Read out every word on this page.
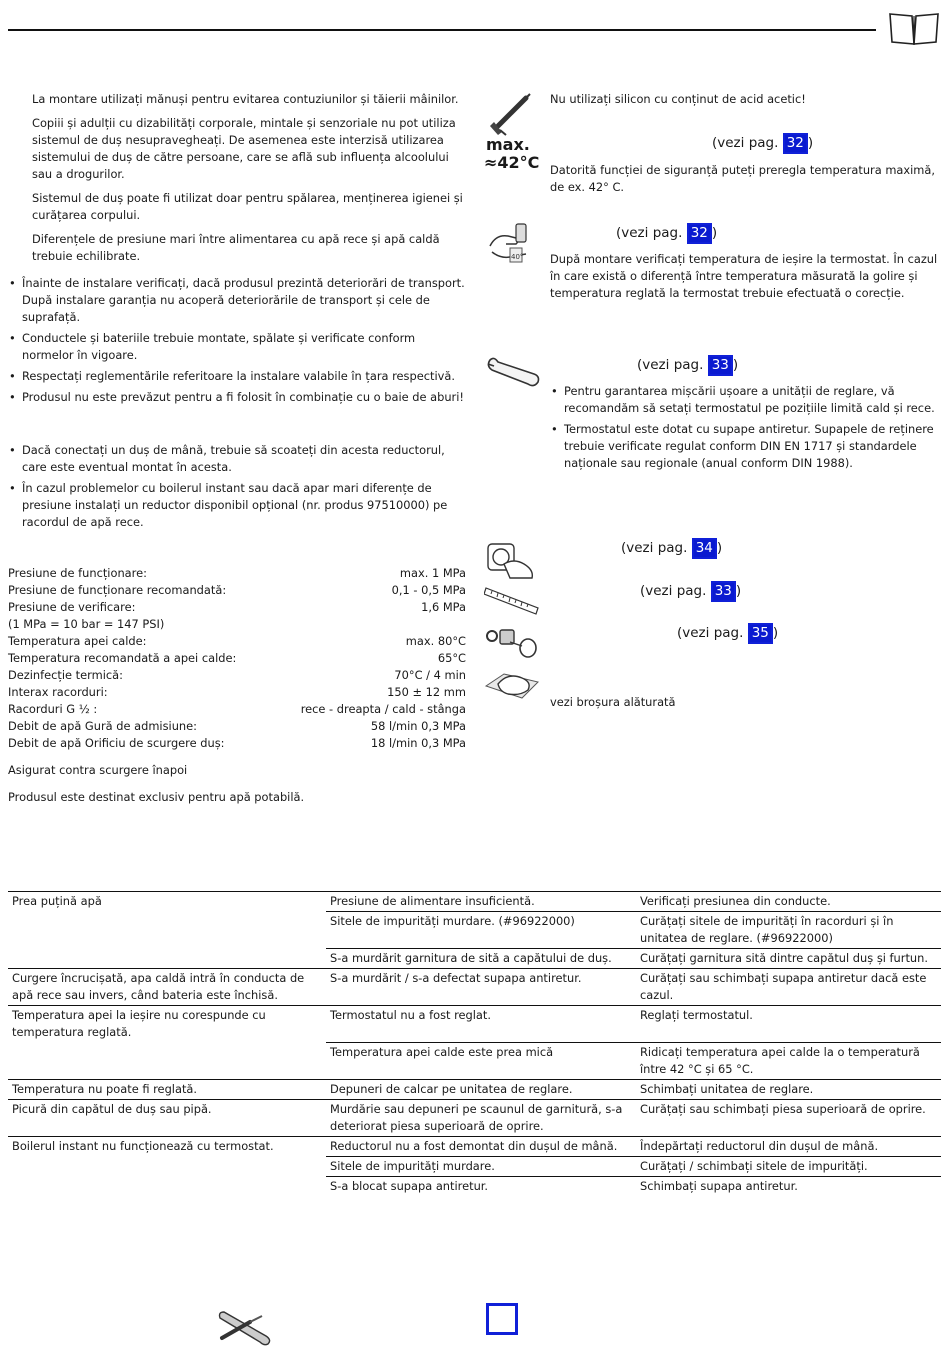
La montare utilizați mănuși pentru evitarea contuziunilor și tăierii mâinilor.

Copiii și adulții cu dizabilități corporale, mintale și senzoriale nu pot utiliza sistemul de duș nesupravegheați. De asemenea este interzisă utilizarea sistemului de duș de către persoane, care se află sub influența alcoolului sau a drogurilor.

Sistemul de duș poate fi utilizat doar pentru spălarea, menținerea igienei și curățarea corpului.

Diferențele de presiune mari între alimentarea cu apă rece și apă caldă trebuie echilibrate.

• Înainte de instalare verificați, dacă produsul prezintă deteriorări de transport. După instalare garanția nu acoperă deteriorările de transport și cele de suprafață.
• Conductele și bateriile trebuie montate, spălate și verificate conform normelor în vigoare.
• Respectați reglementările referitoare la instalare valabile în țara respectivă.
• Produsul nu este prevăzut pentru a fi folosit în combinație cu o baie de aburi!
• Dacă conectați un duș de mână, trebuie să scoateți din acesta reductorul, care este eventual montat în acesta.
• În cazul problemelor cu boilerul instant sau dacă apar mari diferențe de presiune instalați un reductor disponibil opțional (nr. produs 97510000) pe racordul de apă rece.
Presiune de funcționare:	max. 1 MPa
Presiune de funcționare recomandată:	0,1 - 0,5 MPa
Presiune de verificare:	1,6 MPa
(1 MPa = 10 bar = 147 PSI)
Temperatura apei calde:	max. 80°C
Temperatura recomandată a apei calde:	65°C
Dezinfecție termică:	70°C / 4 min
Interax racorduri:	150 ± 12 mm
Racorduri G ½ :	rece - dreapta / cald - stânga
Debit de apă Gură de admisiune:	58 l/min 0,3 MPa
Debit de apă Orificiu de scurgere duș:	18 l/min 0,3 MPa
Asigurat contra scurgere înapoi
Produsul este destinat exclusiv pentru apă potabilă.
Nu utilizați silicon cu conținut de acid acetic!
max.
≈42°C
(vezi pag. 32 )
Datorită funcției de siguranță puteți preregla temperatura maximă, de ex. 42° C.
40°
(vezi pag. 32 )
După montare verificați temperatura de ieșire la termostat. În cazul în care există o diferență între temperatura măsurată la golire și temperatura reglată la termostat trebuie efectuată o corecție.
(vezi pag. 33 )
• Pentru garantarea mișcării ușoare a unității de reglare, vă recomandăm să setați termostatul pe pozițiile limită cald și rece.
• Termostatul este dotat cu supape antiretur. Supapele de reținere trebuie verificate regulat conform DIN EN 1717 și standardele naționale sau regionale (anual conform DIN 1988).
(vezi pag. 34 )
(vezi pag. 33 )
(vezi pag. 35 )
vezi broșura alăturată
Prea puțină apă	Presiune de alimentare insuficientă.	Verificați presiunea din conducte.
	Sitele de impurități murdare. (#96922000)	Curățați sitele de impurități în racorduri și în unitatea de reglare. (#96922000)
	S-a murdărit garnitura de sită a capătului de duș.	Curățați garnitura sită dintre capătul duș și furtun.
Curgere încrucișată, apa caldă intră în conducta de apă rece sau invers, când bateria este închisă.	S-a murdărit / s-a defectat supapa antiretur.	Curățați sau schimbați supapa antiretur dacă este cazul.
Temperatura apei la ieșire nu corespunde cu temperatura reglată.	Termostatul nu a fost reglat.	Reglați termostatul.
	Temperatura apei calde este prea mică	Ridicați temperatura apei calde la o temperatură între 42 °C și 65 °C.
Temperatura nu poate fi reglată.	Depuneri de calcar pe unitatea de reglare.	Schimbați unitatea de reglare.
Picură din capătul de duș sau pipă.	Murdărie sau depuneri pe scaunul de garnitură, s-a deteriorat piesa superioară de oprire.	Curățați sau schimbați piesa superioară de oprire.
Boilerul instant nu funcționează cu termostat.	Reductorul nu a fost demontat din dușul de mână.	Îndepărtați reductorul din dușul de mână.
	Sitele de impurități murdare.	Curățați / schimbați sitele de impurități.
	S-a blocat supapa antiretur.	Schimbați supapa antiretur.
